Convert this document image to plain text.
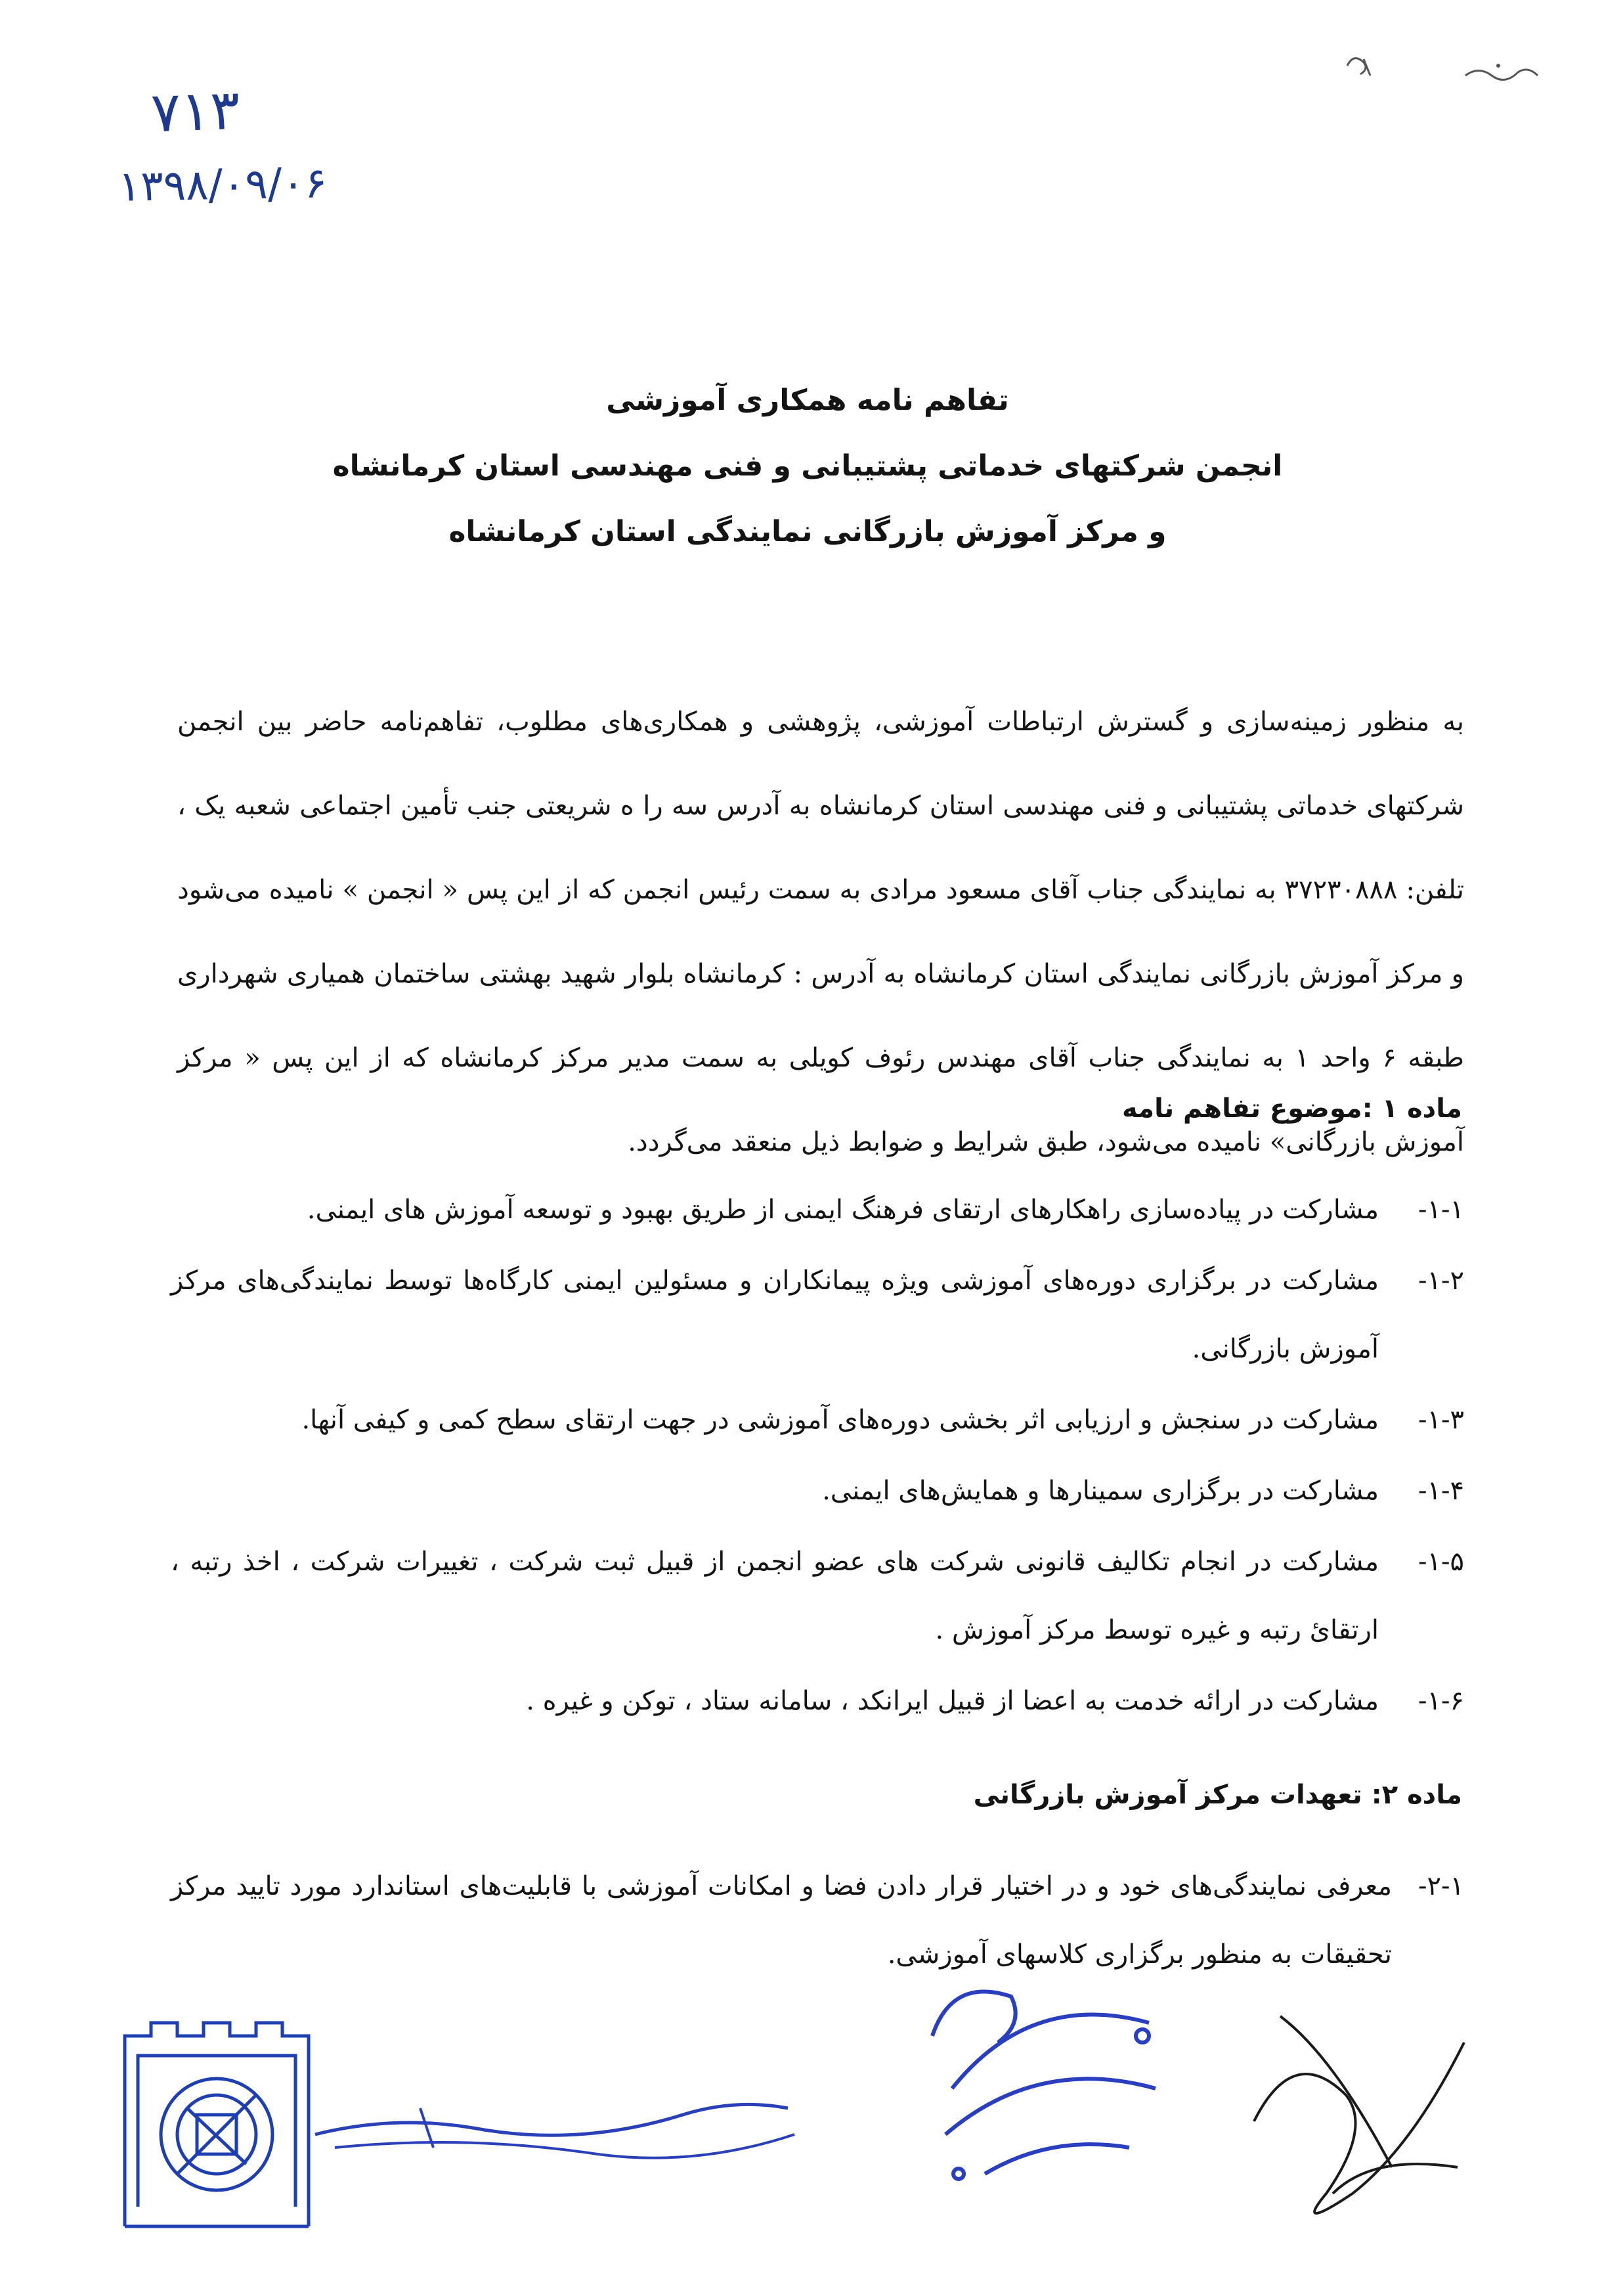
۷۱۳
۱۳۹۸/۰۹/۰۶

تفاهم نامه همکاری آموزشی

انجمن شرکتهای خدماتی پشتیبانی و فنی مهندسی استان کرمانشاه

و مرکز آموزش بازرگانی نمایندگی استان کرمانشاه

به منظور زمینه‌سازی و گسترش ارتباطات آموزشی، پژوهشی و همکاری‌های مطلوب، تفاهم‌نامه حاضر بین انجمن شرکتهای خدماتی پشتیبانی و فنی مهندسی استان کرمانشاه به آدرس سه را ه شریعتی جنب تأمین اجتماعی شعبه یک ، تلفن: ۳۷۲۳۰۸۸۸ به نمایندگی جناب آقای مسعود مرادی به سمت رئیس انجمن که از این پس « انجمن » نامیده می‌شود و مرکز آموزش بازرگانی نمایندگی استان کرمانشاه به آدرس : کرمانشاه بلوار شهید بهشتی ساختمان همیاری شهرداری طبقه ۶ واحد ۱ به نمایندگی جناب آقای مهندس رئوف کویلی به سمت مدیر مرکز کرمانشاه که از این پس « مرکز آموزش بازرگانی» نامیده می‌شود، طبق شرایط و ضوابط ذیل منعقد می‌گردد.
ماده ۱ :موضوع تفاهم نامه
۱-۱-
مشارکت در پیاده‌سازی راهکارهای ارتقای فرهنگ ایمنی از طریق بهبود و توسعه آموزش های ایمنی.
۱-۲-
مشارکت در برگزاری دوره‌های آموزشی ویژه پیمانکاران و مسئولین ایمنی کارگاه‌ها توسط نمایندگی‌های مرکز آموزش بازرگانی.
۱-۳-
مشارکت در سنجش و ارزیابی اثر بخشی دوره‌های آموزشی در جهت ارتقای سطح کمی و کیفی آنها.
۱-۴-
مشارکت در برگزاری سمینارها و همایش‌های ایمنی.
۱-۵-
مشارکت در انجام تکالیف قانونی شرکت های عضو انجمن از قبیل ثبت شرکت ، تغییرات شرکت ، اخذ رتبه ، ارتقائ رتبه و غیره توسط مرکز آموزش .
۱-۶-
مشارکت در ارائه خدمت به اعضا از قبیل ایرانکد ، سامانه ستاد ، توکن و غیره .
ماده ۲: تعهدات مرکز آموزش بازرگانی
۲-۱-
معرفی نمایندگی‌های خود و در اختیار قرار دادن فضا و امکانات آموزشی با قابلیت‌های استاندارد مورد تایید مرکز تحقیقات به منظور برگزاری کلاسهای آموزشی.
